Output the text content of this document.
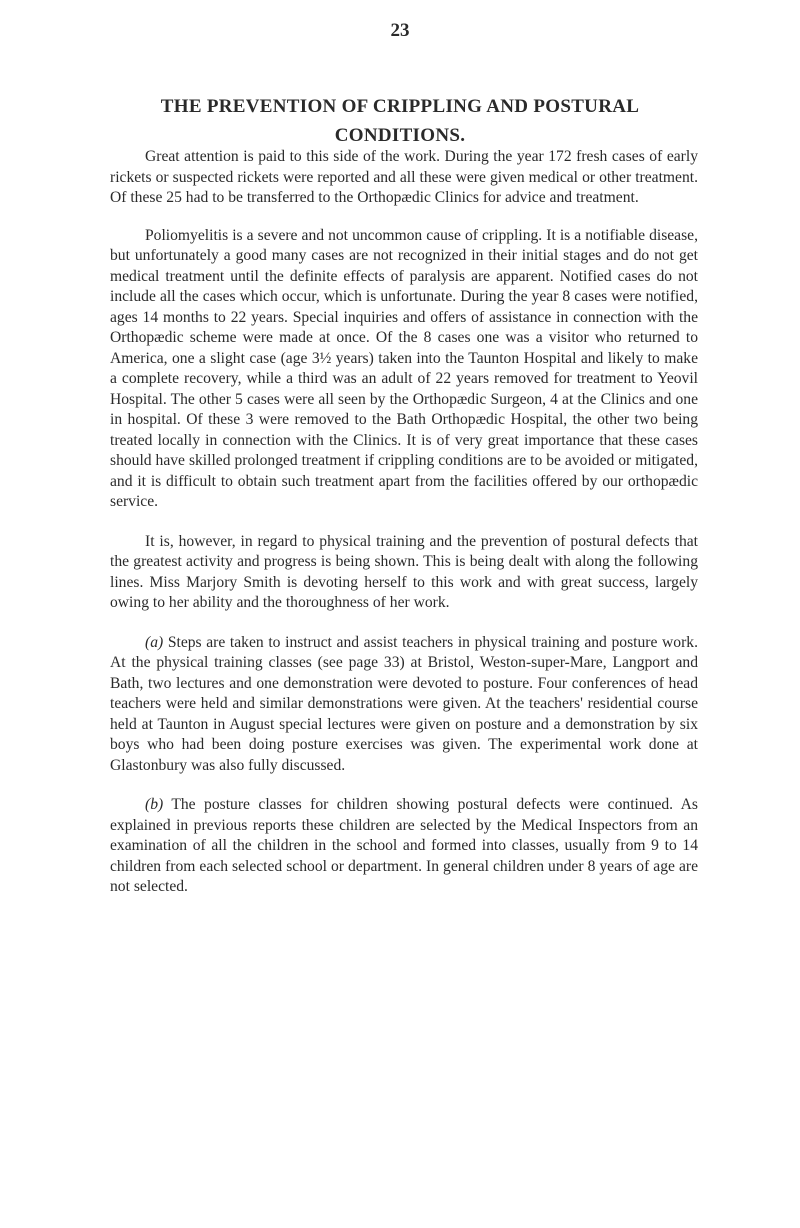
23
THE PREVENTION OF CRIPPLING AND POSTURAL
CONDITIONS.

Great attention is paid to this side of the work. During the year 172 fresh cases of early rickets or suspected rickets were reported and all these were given medical or other treatment. Of these 25 had to be transferred to the Orthopædic Clinics for advice and treatment.

Poliomyelitis is a severe and not uncommon cause of crippling. It is a notifiable disease, but unfortunately a good many cases are not recognized in their initial stages and do not get medical treatment until the definite effects of paralysis are apparent. Notified cases do not include all the cases which occur, which is unfortunate. During the year 8 cases were notified, ages 14 months to 22 years. Special inquiries and offers of assistance in connection with the Orthopædic scheme were made at once. Of the 8 cases one was a visitor who returned to America, one a slight case (age 3½ years) taken into the Taunton Hospital and likely to make a complete recovery, while a third was an adult of 22 years removed for treatment to Yeovil Hospital. The other 5 cases were all seen by the Orthopædic Surgeon, 4 at the Clinics and one in hospital. Of these 3 were removed to the Bath Orthopædic Hospital, the other two being treated locally in connection with the Clinics. It is of very great importance that these cases should have skilled prolonged treatment if crippling conditions are to be avoided or mitigated, and it is difficult to obtain such treatment apart from the facilities offered by our orthopædic service.

It is, however, in regard to physical training and the prevention of postural defects that the greatest activity and progress is being shown. This is being dealt with along the following lines. Miss Marjory Smith is devoting herself to this work and with great success, largely owing to her ability and the thoroughness of her work.

(a) Steps are taken to instruct and assist teachers in physical training and posture work. At the physical training classes (see page 33) at Bristol, Weston-super-Mare, Langport and Bath, two lectures and one demonstration were devoted to posture. Four conferences of head teachers were held and similar demonstrations were given. At the teachers' residential course held at Taunton in August special lectures were given on posture and a demonstration by six boys who had been doing posture exercises was given. The experimental work done at Glastonbury was also fully discussed.

(b) The posture classes for children showing postural defects were continued. As explained in previous reports these children are selected by the Medical Inspectors from an examination of all the children in the school and formed into classes, usually from 9 to 14 children from each selected school or department. In general children under 8 years of age are not selected.
